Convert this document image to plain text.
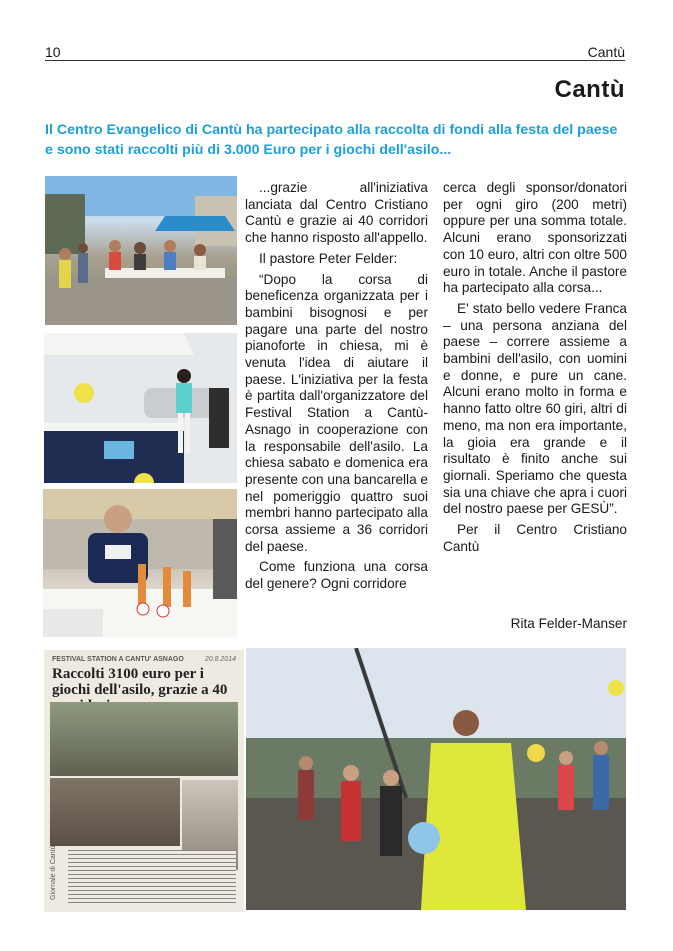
10	Cantù
Cantù
Il Centro Evangelico di Cantù ha partecipato alla raccolta di fondi alla festa del paese e sono stati raccolti più di 3.000 Euro per i giochi dell'asilo...
FESTIVAL STATION A CANTU' ASNAGO	20.8.2014
Raccolti 3100 euro per i giochi dell'asilo, grazie a 40
Giornale di Cantù

...grazie all'iniziativa lanciata dal Centro Cristiano Cantù e grazie ai 40 corridori che hanno risposto all'appello.

Il pastore Peter Felder:

“Dopo la corsa di beneficenza organizzata per i bambini bisognosi e per pagare una parte del nostro pianoforte in chiesa, mi è venuta l'idea di aiutare il paese. L'iniziativa per la festa è partita dall'organizzatore del Festival Station a Cantù-Asnago in cooperazione con la responsabile dell'asilo. La chiesa sabato e domenica era presente con una bancarella e nel pomeriggio quattro suoi membri hanno partecipato alla corsa assieme a 36 corridori del paese.

Come funziona una corsa del genere? Ogni corridore

cerca degli sponsor/donatori per ogni giro (200 metri) oppure per una somma totale. Alcuni erano sponsorizzati con 10 euro, altri con oltre 500 euro in totale. Anche il pastore ha partecipato alla corsa...

E' stato bello vedere Franca – una persona anziana del paese – correre assieme a bambini dell'asilo, con uomini e donne, e pure un cane. Alcuni erano molto in forma e hanno fatto oltre 60 giri, altri di meno, ma non era importante, la gioia era grande e il risultato è finito anche sui giornali. Speriamo che questa sia una chiave che apra i cuori del nostro paese per GESÙ”.

Per il Centro Cristiano Cantù

Rita Felder-Manser
